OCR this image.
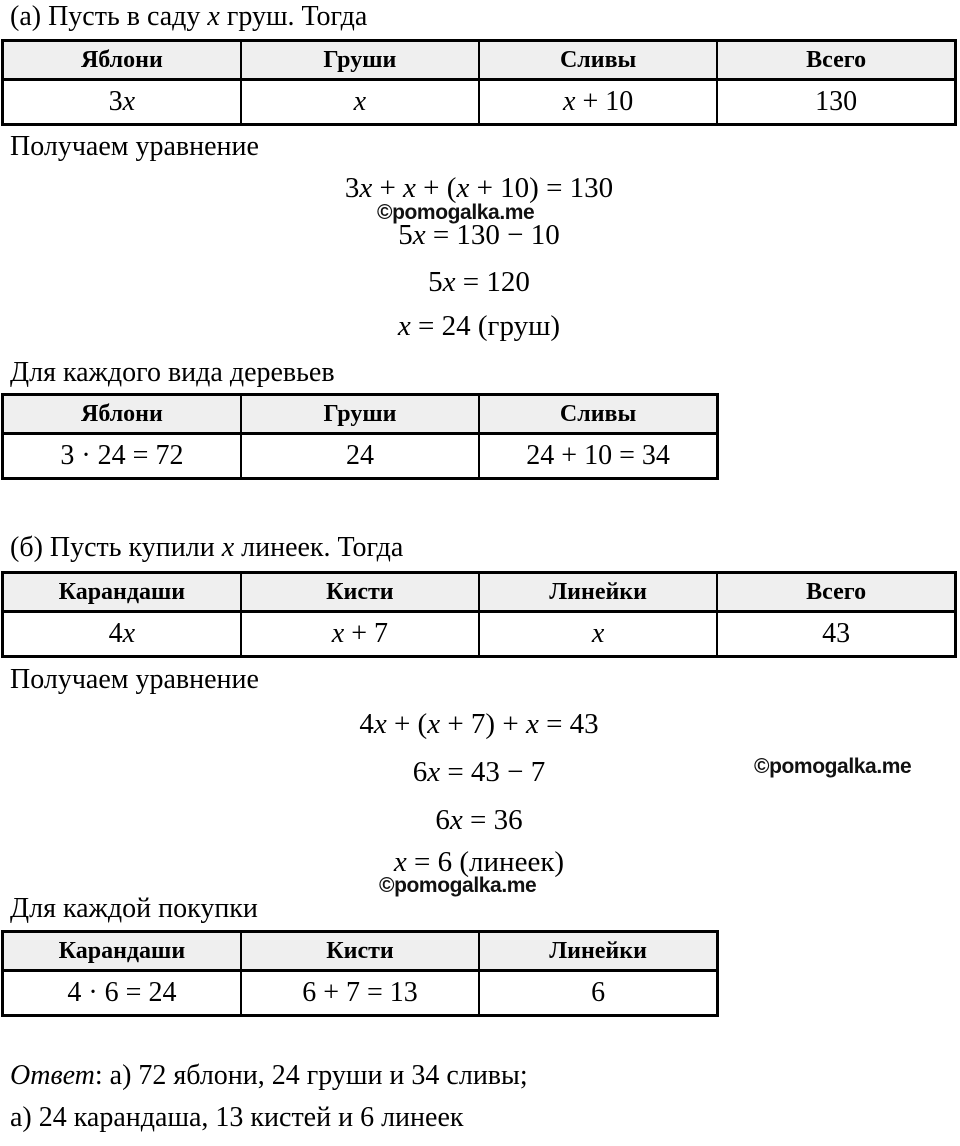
(а) Пусть в саду x груш. Тогда
Яблони	Груши	Сливы	Всего
3x	x	x + 10	130
Получаем уравнение
3x + x + (x + 10) = 130
©pomogalka.me
5x = 130 − 10
5x = 120
x = 24 (груш)
Для каждого вида деревьев
Яблони	Груши	Сливы
3 · 24 = 72	24	24 + 10 = 34
(б) Пусть купили x линеек. Тогда
Карандаши	Кисти	Линейки	Всего
4x	x + 7	x	43
Получаем уравнение
4x + (x + 7) + x = 43
6x = 43 − 7	©pomogalka.me
6x = 36
x = 6 (линеек)
©pomogalka.me
Для каждой покупки
Карандаши	Кисти	Линейки
4 · 6 = 24	6 + 7 = 13	6
Ответ: а) 72 яблони, 24 груши и 34 сливы;
а) 24 карандаша, 13 кистей и 6 линеек
